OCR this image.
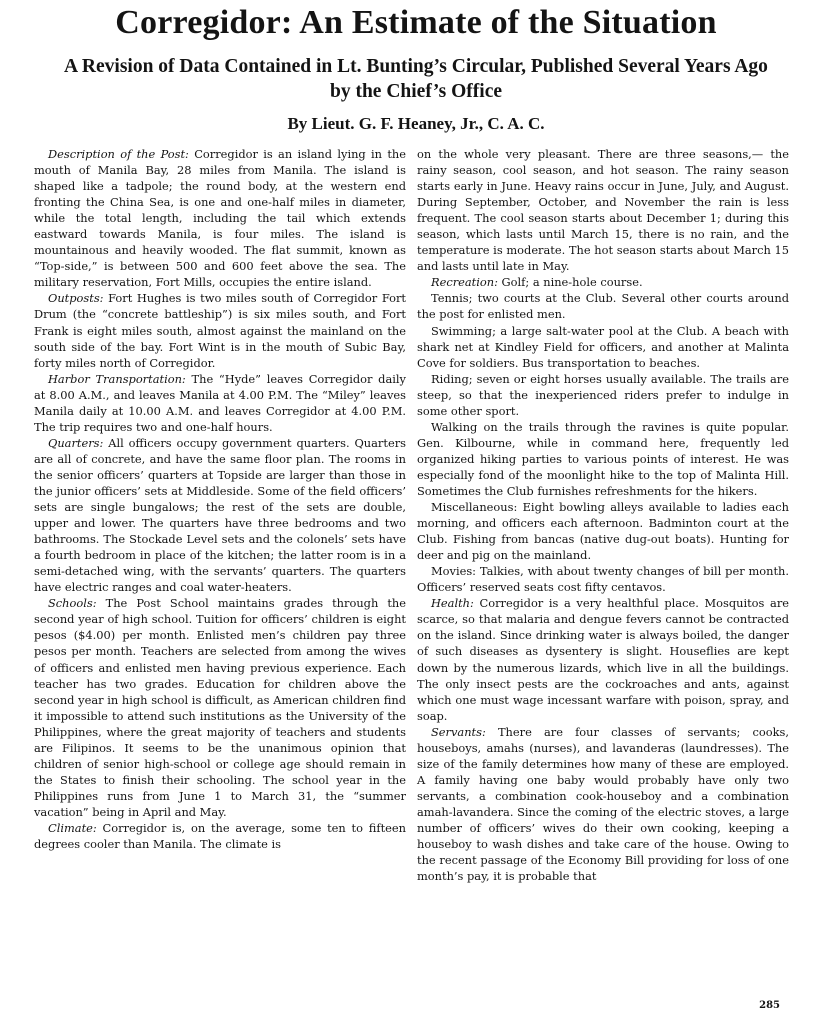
Corregidor: An Estimate of the Situation
A Revision of Data Contained in Lt. Bunting’s Circular, Published Several Years Ago by the Chief’s Office
By Lieut. G. F. Heaney, Jr., C. A. C.

Description of the Post: Corregidor is an island lying in the mouth of Manila Bay, 28 miles from Manila. The island is shaped like a tadpole; the round body, at the western end fronting the China Sea, is one and one-half miles in diameter, while the total length, including the tail which extends eastward towards Manila, is four miles. The island is mountainous and heavily wooded. The flat summit, known as “Top-side,” is between 500 and 600 feet above the sea. The military reservation, Fort Mills, occupies the entire island.

Outposts: Fort Hughes is two miles south of Corregidor Fort Drum (the “concrete battleship”) is six miles south, and Fort Frank is eight miles south, almost against the mainland on the south side of the bay. Fort Wint is in the mouth of Subic Bay, forty miles north of Corregidor.

Harbor Transportation: The “Hyde” leaves Corregidor daily at 8.00 A.M., and leaves Manila at 4.00 P.M. The “Miley” leaves Manila daily at 10.00 A.M. and leaves Corregidor at 4.00 P.M. The trip requires two and one-half hours.

Quarters: All officers occupy government quarters. Quarters are all of concrete, and have the same floor plan. The rooms in the senior officers’ quarters at Topside are larger than those in the junior officers’ sets at Middleside. Some of the field officers’ sets are single bungalows; the rest of the sets are double, upper and lower. The quarters have three bedrooms and two bathrooms. The Stockade Level sets and the colonels’ sets have a fourth bedroom in place of the kitchen; the latter room is in a semi-detached wing, with the servants’ quarters. The quarters have electric ranges and coal water-heaters.

Schools: The Post School maintains grades through the second year of high school. Tuition for officers’ children is eight pesos ($4.00) per month. Enlisted men’s children pay three pesos per month. Teachers are selected from among the wives of officers and enlisted men having previous experience. Each teacher has two grades. Education for children above the second year in high school is difficult, as American children find it impossible to attend such institutions as the University of the Philippines, where the great majority of teachers and students are Filipinos. It seems to be the unanimous opinion that children of senior high-school or college age should remain in the States to finish their schooling. The school year in the Philippines runs from June 1 to March 31, the “summer vacation” being in April and May.

Climate: Corregidor is, on the average, some ten to fifteen degrees cooler than Manila. The climate is

on the whole very pleasant. There are three seasons,— the rainy season, cool season, and hot season. The rainy season starts early in June. Heavy rains occur in June, July, and August. During September, October, and November the rain is less frequent. The cool season starts about December 1; during this season, which lasts until March 15, there is no rain, and the temperature is moderate. The hot season starts about March 15 and lasts until late in May.

Recreation: Golf; a nine-hole course.

Tennis; two courts at the Club. Several other courts around the post for enlisted men.

Swimming; a large salt-water pool at the Club. A beach with shark net at Kindley Field for officers, and another at Malinta Cove for soldiers. Bus transportation to beaches.

Riding; seven or eight horses usually available. The trails are steep, so that the inexperienced riders prefer to indulge in some other sport.

Walking on the trails through the ravines is quite popular. Gen. Kilbourne, while in command here, frequently led organized hiking parties to various points of interest. He was especially fond of the moonlight hike to the top of Malinta Hill. Sometimes the Club furnishes refreshments for the hikers.

Miscellaneous: Eight bowling alleys available to ladies each morning, and officers each afternoon. Badminton court at the Club. Fishing from bancas (native dug-out boats). Hunting for deer and pig on the mainland.

Movies: Talkies, with about twenty changes of bill per month. Officers’ reserved seats cost fifty centavos.

Health: Corregidor is a very healthful place. Mosquitos are scarce, so that malaria and dengue fevers cannot be contracted on the island. Since drinking water is always boiled, the danger of such diseases as dysentery is slight. Houseflies are kept down by the numerous lizards, which live in all the buildings. The only insect pests are the cockroaches and ants, against which one must wage incessant warfare with poison, spray, and soap.

Servants: There are four classes of servants; cooks, houseboys, amahs (nurses), and lavanderas (laundresses). The size of the family determines how many of these are employed. A family having one baby would probably have only two servants, a combination cook-houseboy and a combination amah-lavandera. Since the coming of the electric stoves, a large number of officers’ wives do their own cooking, keeping a houseboy to wash dishes and take care of the house. Owing to the recent passage of the Economy Bill providing for loss of one month’s pay, it is probable that

285
